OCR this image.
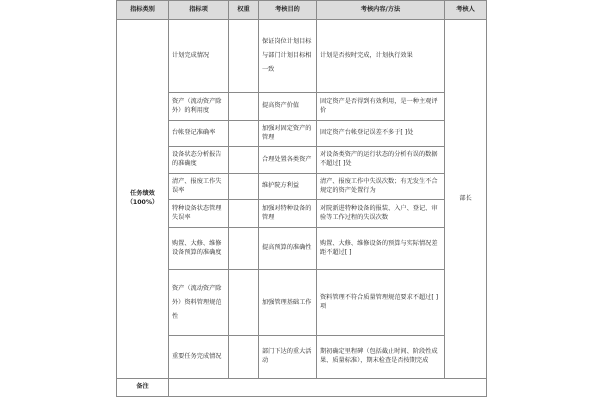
指标类别	指标项	权重	考核目的	考核内容/方法	考核人

任务绩效
（100%）	计划完成情况		保证岗位计划目标与部门计划目标相一致	计划是否按时完成，计划执行效果	部长
	资产（流动资产除外）的利用度		提高资产价值	固定资产是否得到有效利用，是一种主观评价	
	台帐登记准确率		加强对固定资产的管理	固定资产台帐登记误差不多于[ ]处	
	设备状态分析报告的准确度		合理处置各类资产	对设备类资产的运行状态的分析有误的数据不超过[ ]处	
	清产、报废工作失误率		维护院方利益	清产、报废工作中失误次数；有无发生不合规定的资产处置行为	
	特种设备状态管理失误率		加强对特种设备的管理	对院新进特种设备的报装、入户、登记、审验等工作过程的失误次数	
	购置、大修、维修设备预算的准确度		提高预算的准确性	购置、大修、维修设备的预算与实际情况差距不超过[ ]	
	资产（流动资产除外）资料管理规范性		加强管理基础工作	资料管理不符合质量管理规范要求不超过[ ]项	
	重要任务完成情况		部门下达的重大活动	期初确定里程碑（包括截止时间、阶段性成果、质量标准），期末检查是否按期完成	
备注					
